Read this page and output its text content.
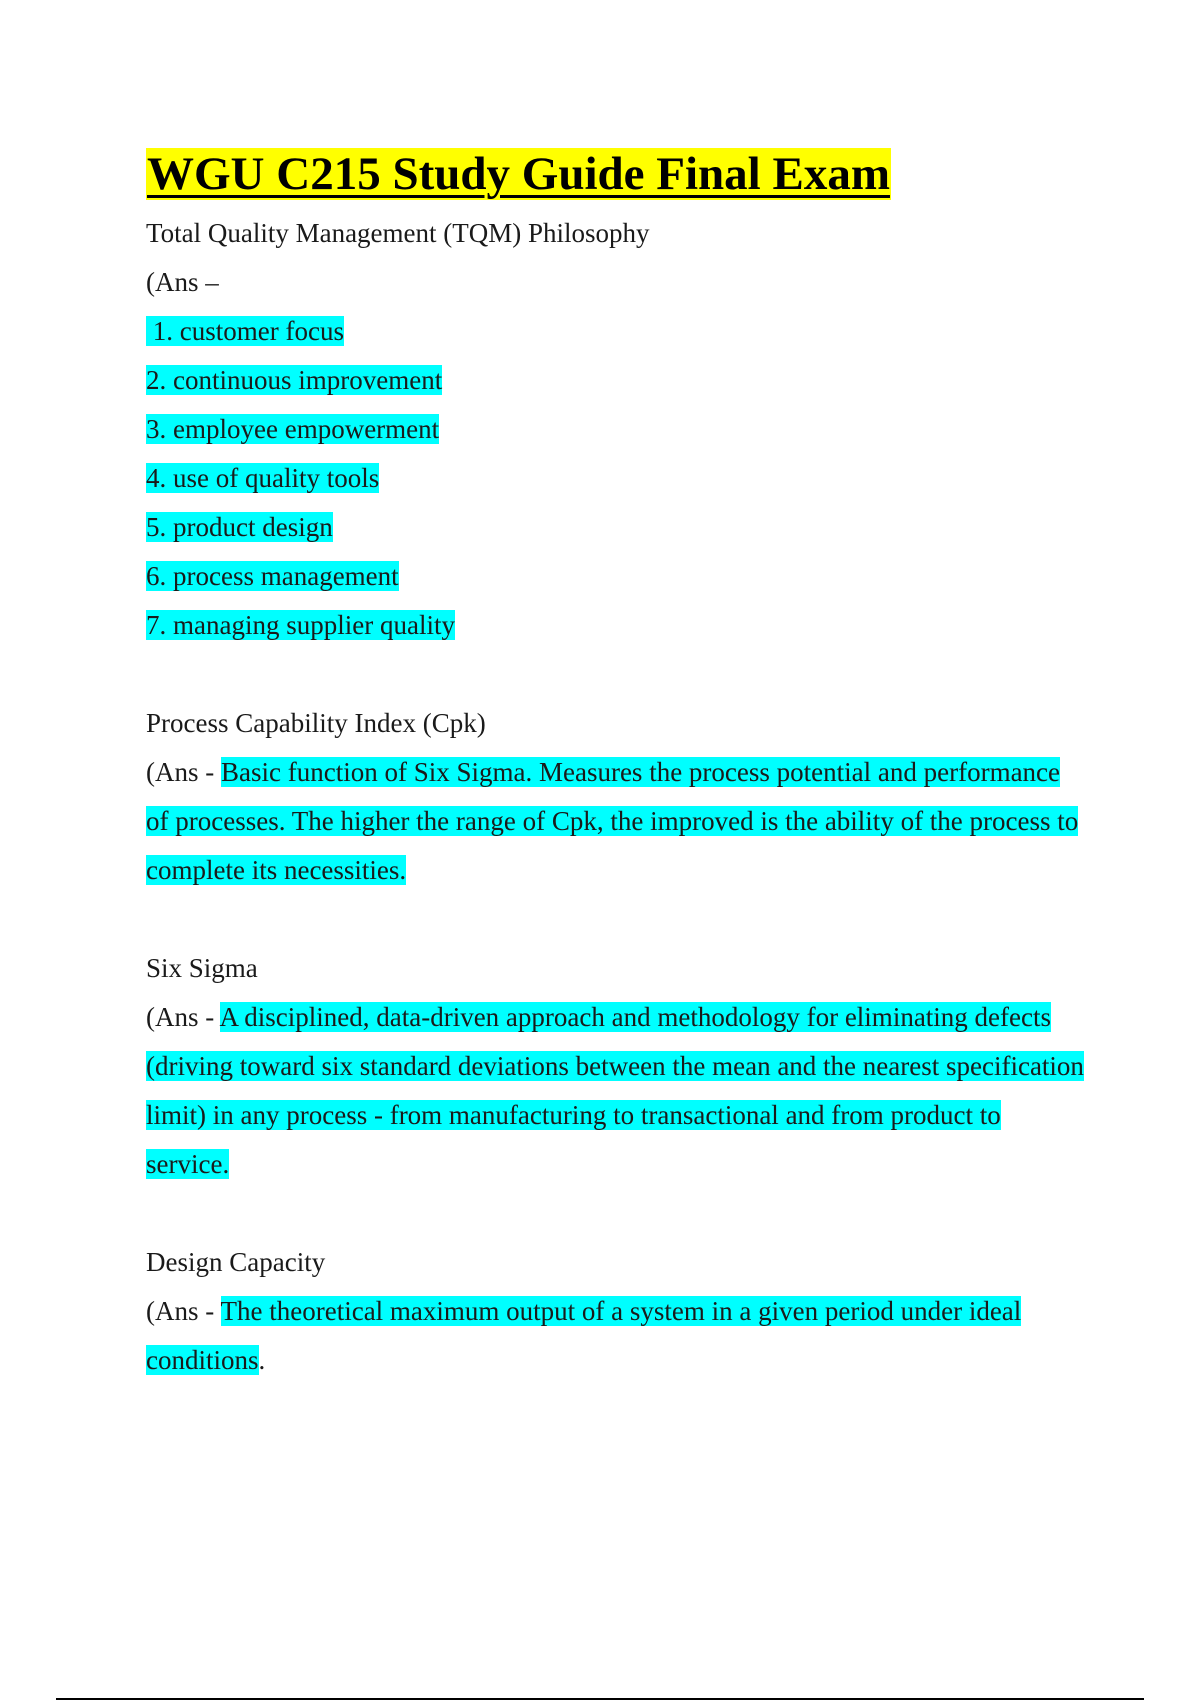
WGU C215 Study Guide Final Exam

Total Quality Management (TQM) Philosophy

(Ans –

1. customer focus

2. continuous improvement

3. employee empowerment

4. use of quality tools

5. product design

6. process management

7. managing supplier quality

Process Capability Index (Cpk)

(Ans - Basic function of Six Sigma. Measures the process potential and performance of processes. The higher the range of Cpk, the improved is the ability of the process to complete its necessities.

Six Sigma

(Ans - A disciplined, data-driven approach and methodology for eliminating defects (driving toward six standard deviations between the mean and the nearest specification limit) in any process - from manufacturing to transactional and from product to service.

Design Capacity

(Ans - The theoretical maximum output of a system in a given period under ideal conditions.
